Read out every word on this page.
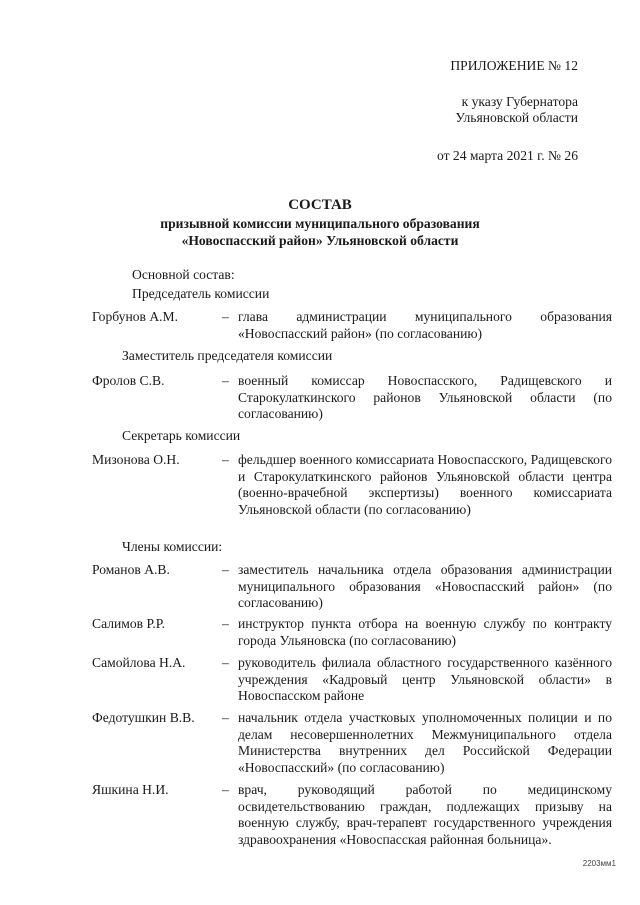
ПРИЛОЖЕНИЕ № 12
к указу Губернатора
Ульяновской области
от 24 марта 2021 г. № 26
СОСТАВ
призывной комиссии муниципального образования
«Новоспасский район» Ульяновской области
Основной состав:
Председатель комиссии
Горбунов А.М.	– глава администрации муниципального образования «Новоспасский район» (по согласованию)
Заместитель председателя комиссии
Фролов С.В.	– военный комиссар Новоспасского, Радищевского и Старокулаткинского районов Ульяновской области (по согласованию)
Секретарь комиссии
Мизонова О.Н.	– фельдшер военного комиссариата Новоспасского, Радищевского и Старокулаткинского районов Ульяновской области центра (военно-врачебной экспертизы) военного комиссариата Ульяновской области (по согласованию)
Члены комиссии:
Романов А.В.	– заместитель начальника отдела образования администрации муниципального образования «Новоспасский район» (по согласованию)
Салимов Р.Р.	– инструктор пункта отбора на военную службу по контракту города Ульяновска (по согласованию)
Самойлова Н.А.	– руководитель филиала областного государственного казённого учреждения «Кадровый центр Ульяновской области» в Новоспасском районе
Федотушкин В.В. – начальник отдела участковых уполномоченных полиции и по делам несовершеннолетних Межмуниципального отдела Министерства внутренних дел Российской Федерации «Новоспасский» (по согласованию)
Яшкина Н.И.	– врач, руководящий работой по медицинскому освидетельствованию граждан, подлежащих призыву на военную службу, врач-терапевт государственного учреждения здравоохранения «Новоспасская районная больница».
2203мм1
